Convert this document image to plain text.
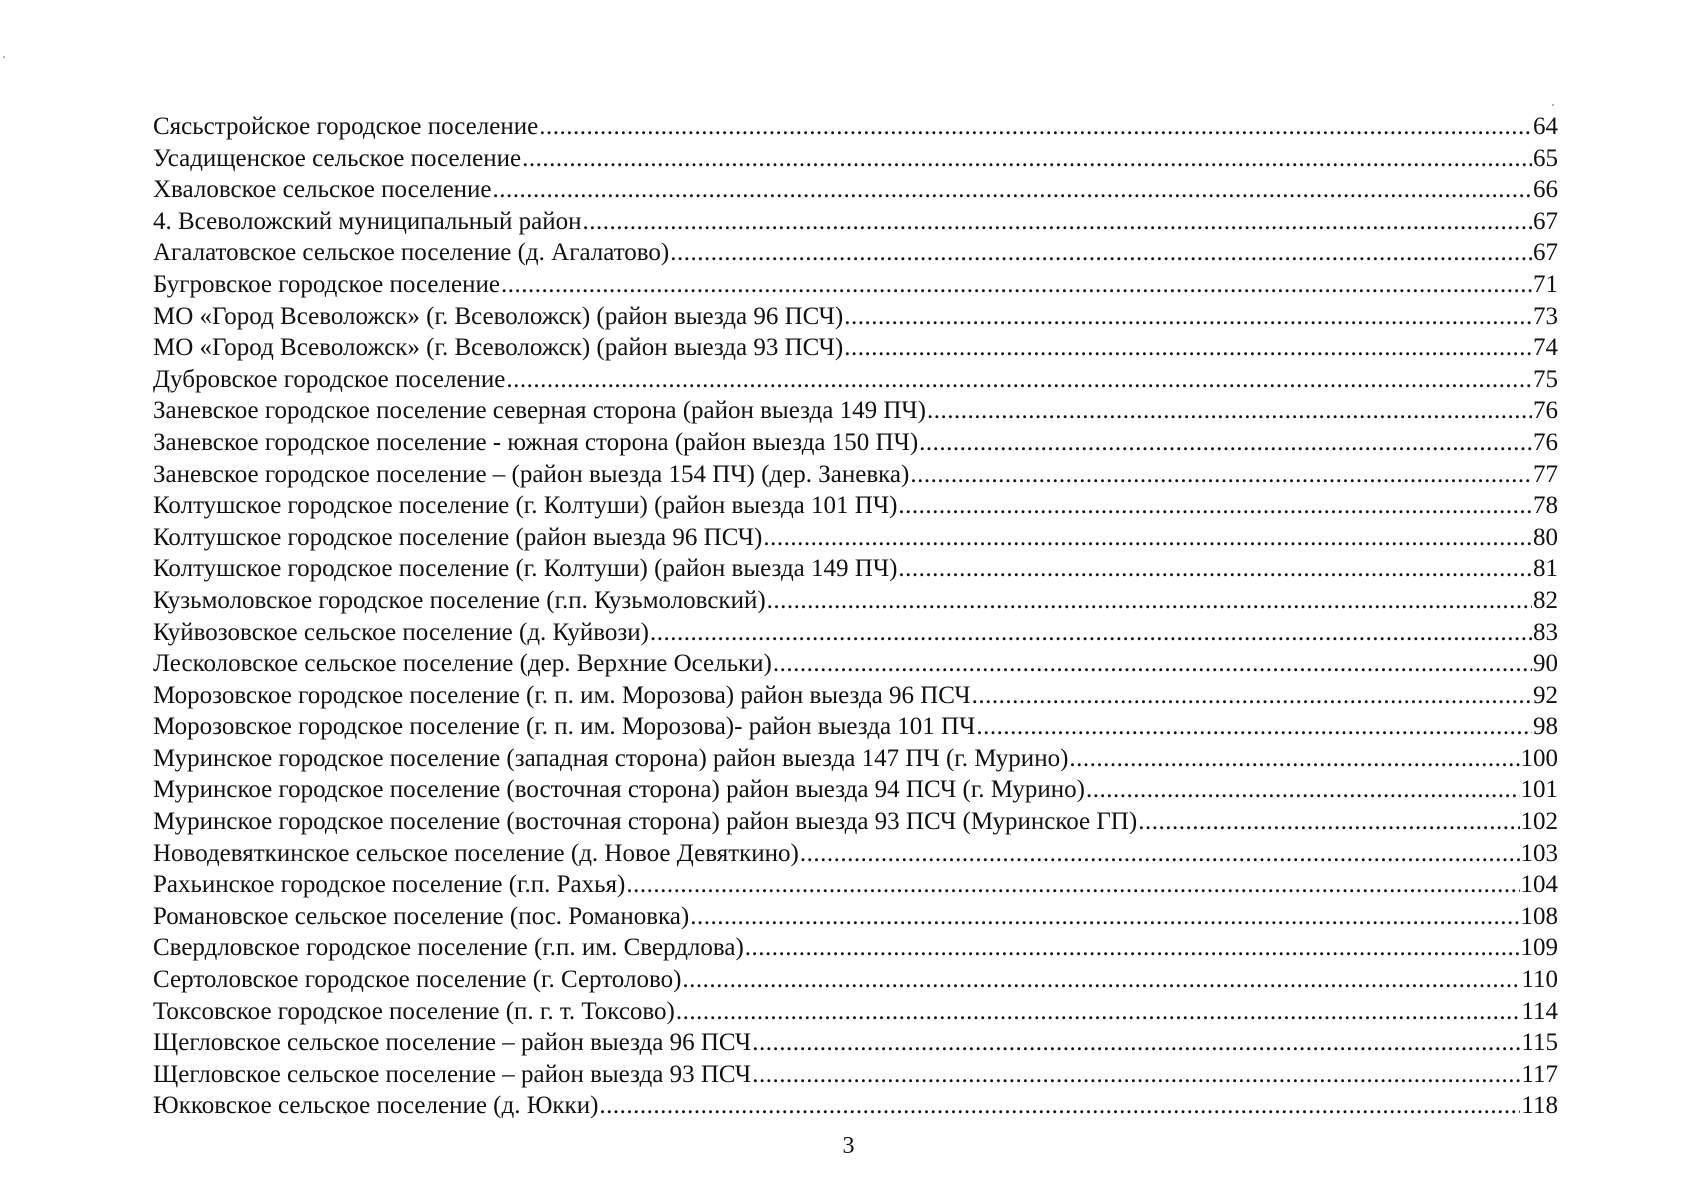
Сясьстройское городское поселение .....	64
Усадищенское сельское поселение .....	65
Хваловское сельское поселение .....	66
4. Всеволожский муниципальный район .....	67
Агалатовское сельское поселение (д. Агалатово) .....	67
Бугровское городское поселение .....	71
МО «Город Всеволожск» (г. Всеволожск) (район выезда 96 ПСЧ) .....	73
МО «Город Всеволожск» (г. Всеволожск) (район выезда 93 ПСЧ) .....	74
Дубровское городское поселение .....	75
Заневское городское поселение северная сторона (район выезда 149 ПЧ) .....	76
Заневское городское поселение - южная сторона (район выезда 150 ПЧ) .....	76
Заневское городское поселение – (район выезда 154 ПЧ) (дер. Заневка) .....	77
Колтушское городское поселение (г. Колтуши) (район выезда 101 ПЧ) .....	78
Колтушское городское поселение (район выезда 96 ПСЧ) .....	80
Колтушское городское поселение (г. Колтуши) (район выезда 149 ПЧ) .....	81
Кузьмоловское городское поселение (г.п. Кузьмоловский) .....	82
Куйвозовское сельское поселение (д. Куйвози) .....	83
Лесколовское сельское поселение (дер. Верхние Осельки) .....	90
Морозовское городское поселение (г. п. им. Морозова) район выезда 96 ПСЧ .....	92
Морозовское городское поселение (г. п. им. Морозова)- район выезда 101 ПЧ .....	98
Муринское городское поселение (западная сторона) район выезда 147 ПЧ (г. Мурино) .....	100
Муринское городское поселение (восточная сторона) район выезда 94 ПСЧ (г. Мурино) .....	101
Муринское городское поселение (восточная сторона) район выезда 93 ПСЧ (Муринское ГП) .....	102
Новодевяткинское сельское поселение (д. Новое Девяткино) .....	103
Рахьинское городское поселение (г.п. Рахья) .....	104
Романовское сельское поселение (пос. Романовка) .....	108
Свердловское городское поселение (г.п. им. Свердлова) .....	109
Сертоловское городское поселение (г. Сертолово) .....	110
Токсовское городское поселение (п. г. т. Токсово) .....	114
Щегловское сельское поселение – район выезда 96 ПСЧ .....	115
Щегловское сельское поселение – район выезда 93 ПСЧ .....	117
Юкковское сельское поселение (д. Юкки) .....	118
3
